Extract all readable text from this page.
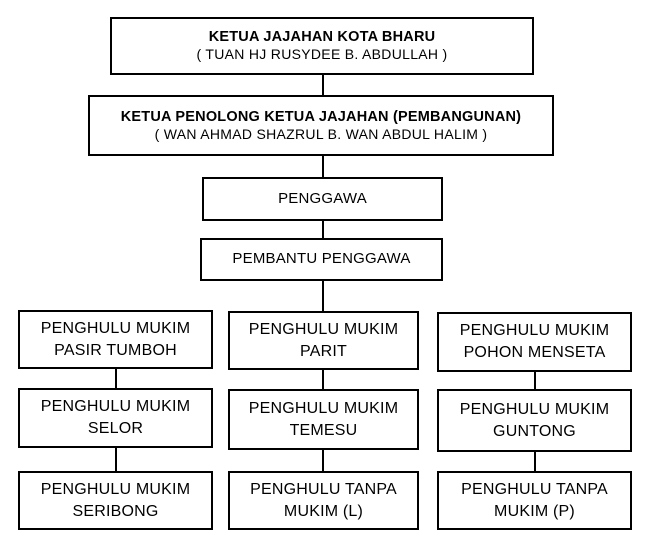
KETUA JAJAHAN KOTA BHARU
( TUAN HJ RUSYDEE B. ABDULLAH )
KETUA PENOLONG KETUA JAJAHAN (PEMBANGUNAN)
( WAN AHMAD SHAZRUL B. WAN ABDUL HALIM )
PENGGAWA
PEMBANTU PENGGAWA
PENGHULU MUKIM
PASIR TUMBOH
PENGHULU MUKIM
SELOR
PENGHULU MUKIM
SERIBONG
PENGHULU MUKIM
PARIT
PENGHULU MUKIM
TEMESU
PENGHULU TANPA
MUKIM (L)
PENGHULU MUKIM
POHON MENSETA
PENGHULU MUKIM
GUNTONG
PENGHULU TANPA
MUKIM (P)
